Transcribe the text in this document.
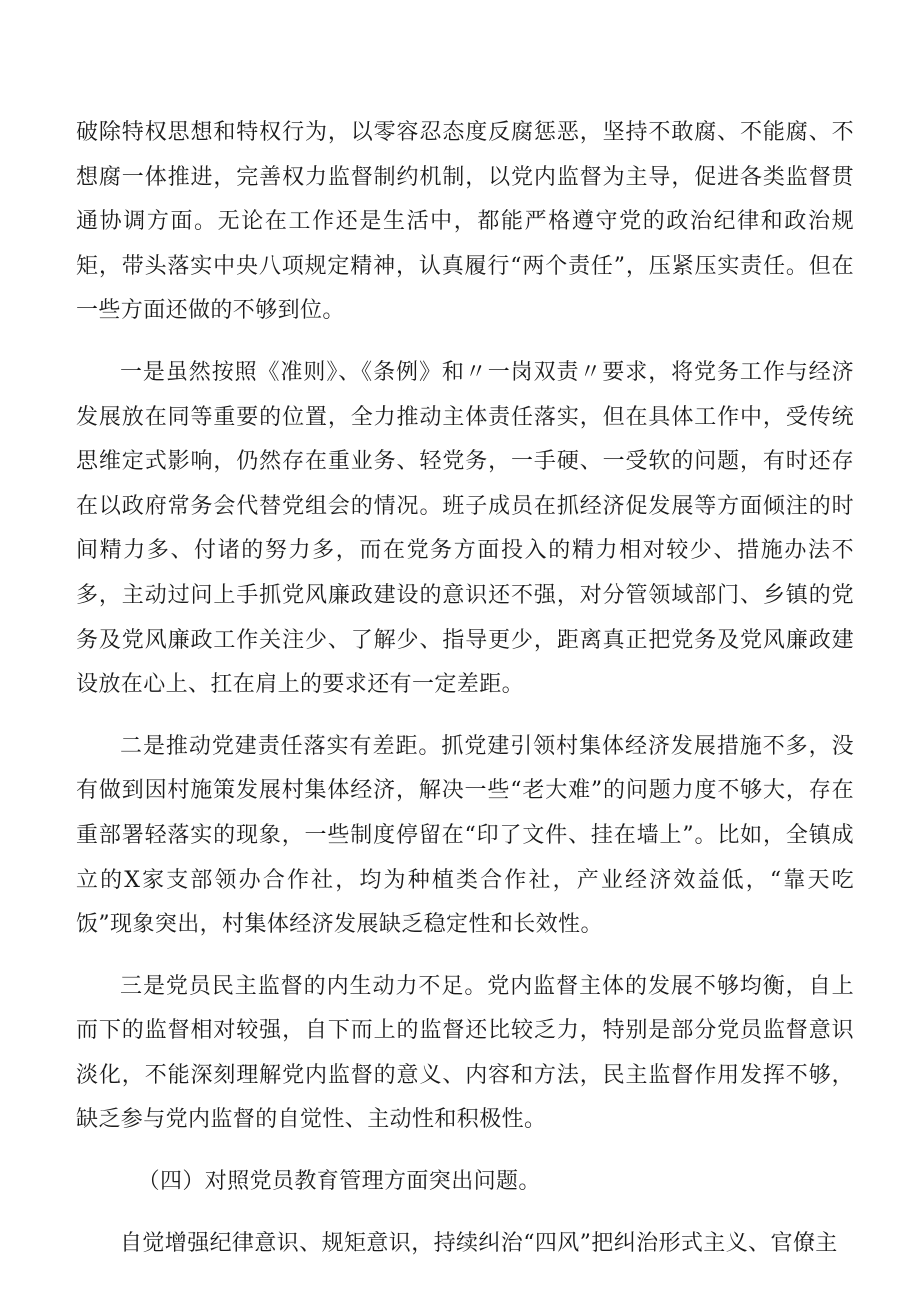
破除特权思想和特权行为，以零容忍态度反腐惩恶，坚持不敢腐、不能腐、不想腐一体推进，完善权力监督制约机制，以党内监督为主导，促进各类监督贯通协调方面。无论在工作还是生活中，都能严格遵守党的政治纪律和政治规矩，带头落实中央八项规定精神，认真履行“两个责任”，压紧压实责任。但在一些方面还做的不够到位。

一是虽然按照《准则》、《条例》和〃一岗双责〃要求，将党务工作与经济发展放在同等重要的位置，全力推动主体责任落实，但在具体工作中，受传统思维定式影响，仍然存在重业务、轻党务，一手硬、一受软的问题，有时还存在以政府常务会代替党组会的情况。班子成员在抓经济促发展等方面倾注的时间精力多、付诸的努力多，而在党务方面投入的精力相对较少、措施办法不多，主动过问上手抓党风廉政建设的意识还不强，对分管领域部门、乡镇的党务及党风廉政工作关注少、了解少、指导更少，距离真正把党务及党风廉政建设放在心上、扛在肩上的要求还有一定差距。

二是推动党建责任落实有差距。抓党建引领村集体经济发展措施不多，没有做到因村施策发展村集体经济，解决一些“老大难”的问题力度不够大，存在重部署轻落实的现象，一些制度停留在“印了文件、挂在墙上”。比如，全镇成立的X家支部领办合作社，均为种植类合作社，产业经济效益低，“靠天吃饭”现象突出，村集体经济发展缺乏稳定性和长效性。

三是党员民主监督的内生动力不足。党内监督主体的发展不够均衡，自上而下的监督相对较强，自下而上的监督还比较乏力，特别是部分党员监督意识淡化，不能深刻理解党内监督的意义、内容和方法，民主监督作用发挥不够，缺乏参与党内监督的自觉性、主动性和积极性。

（四）对照党员教育管理方面突出问题。

自觉增强纪律意识、规矩意识，持续纠治“四风”把纠治形式主义、官僚主
